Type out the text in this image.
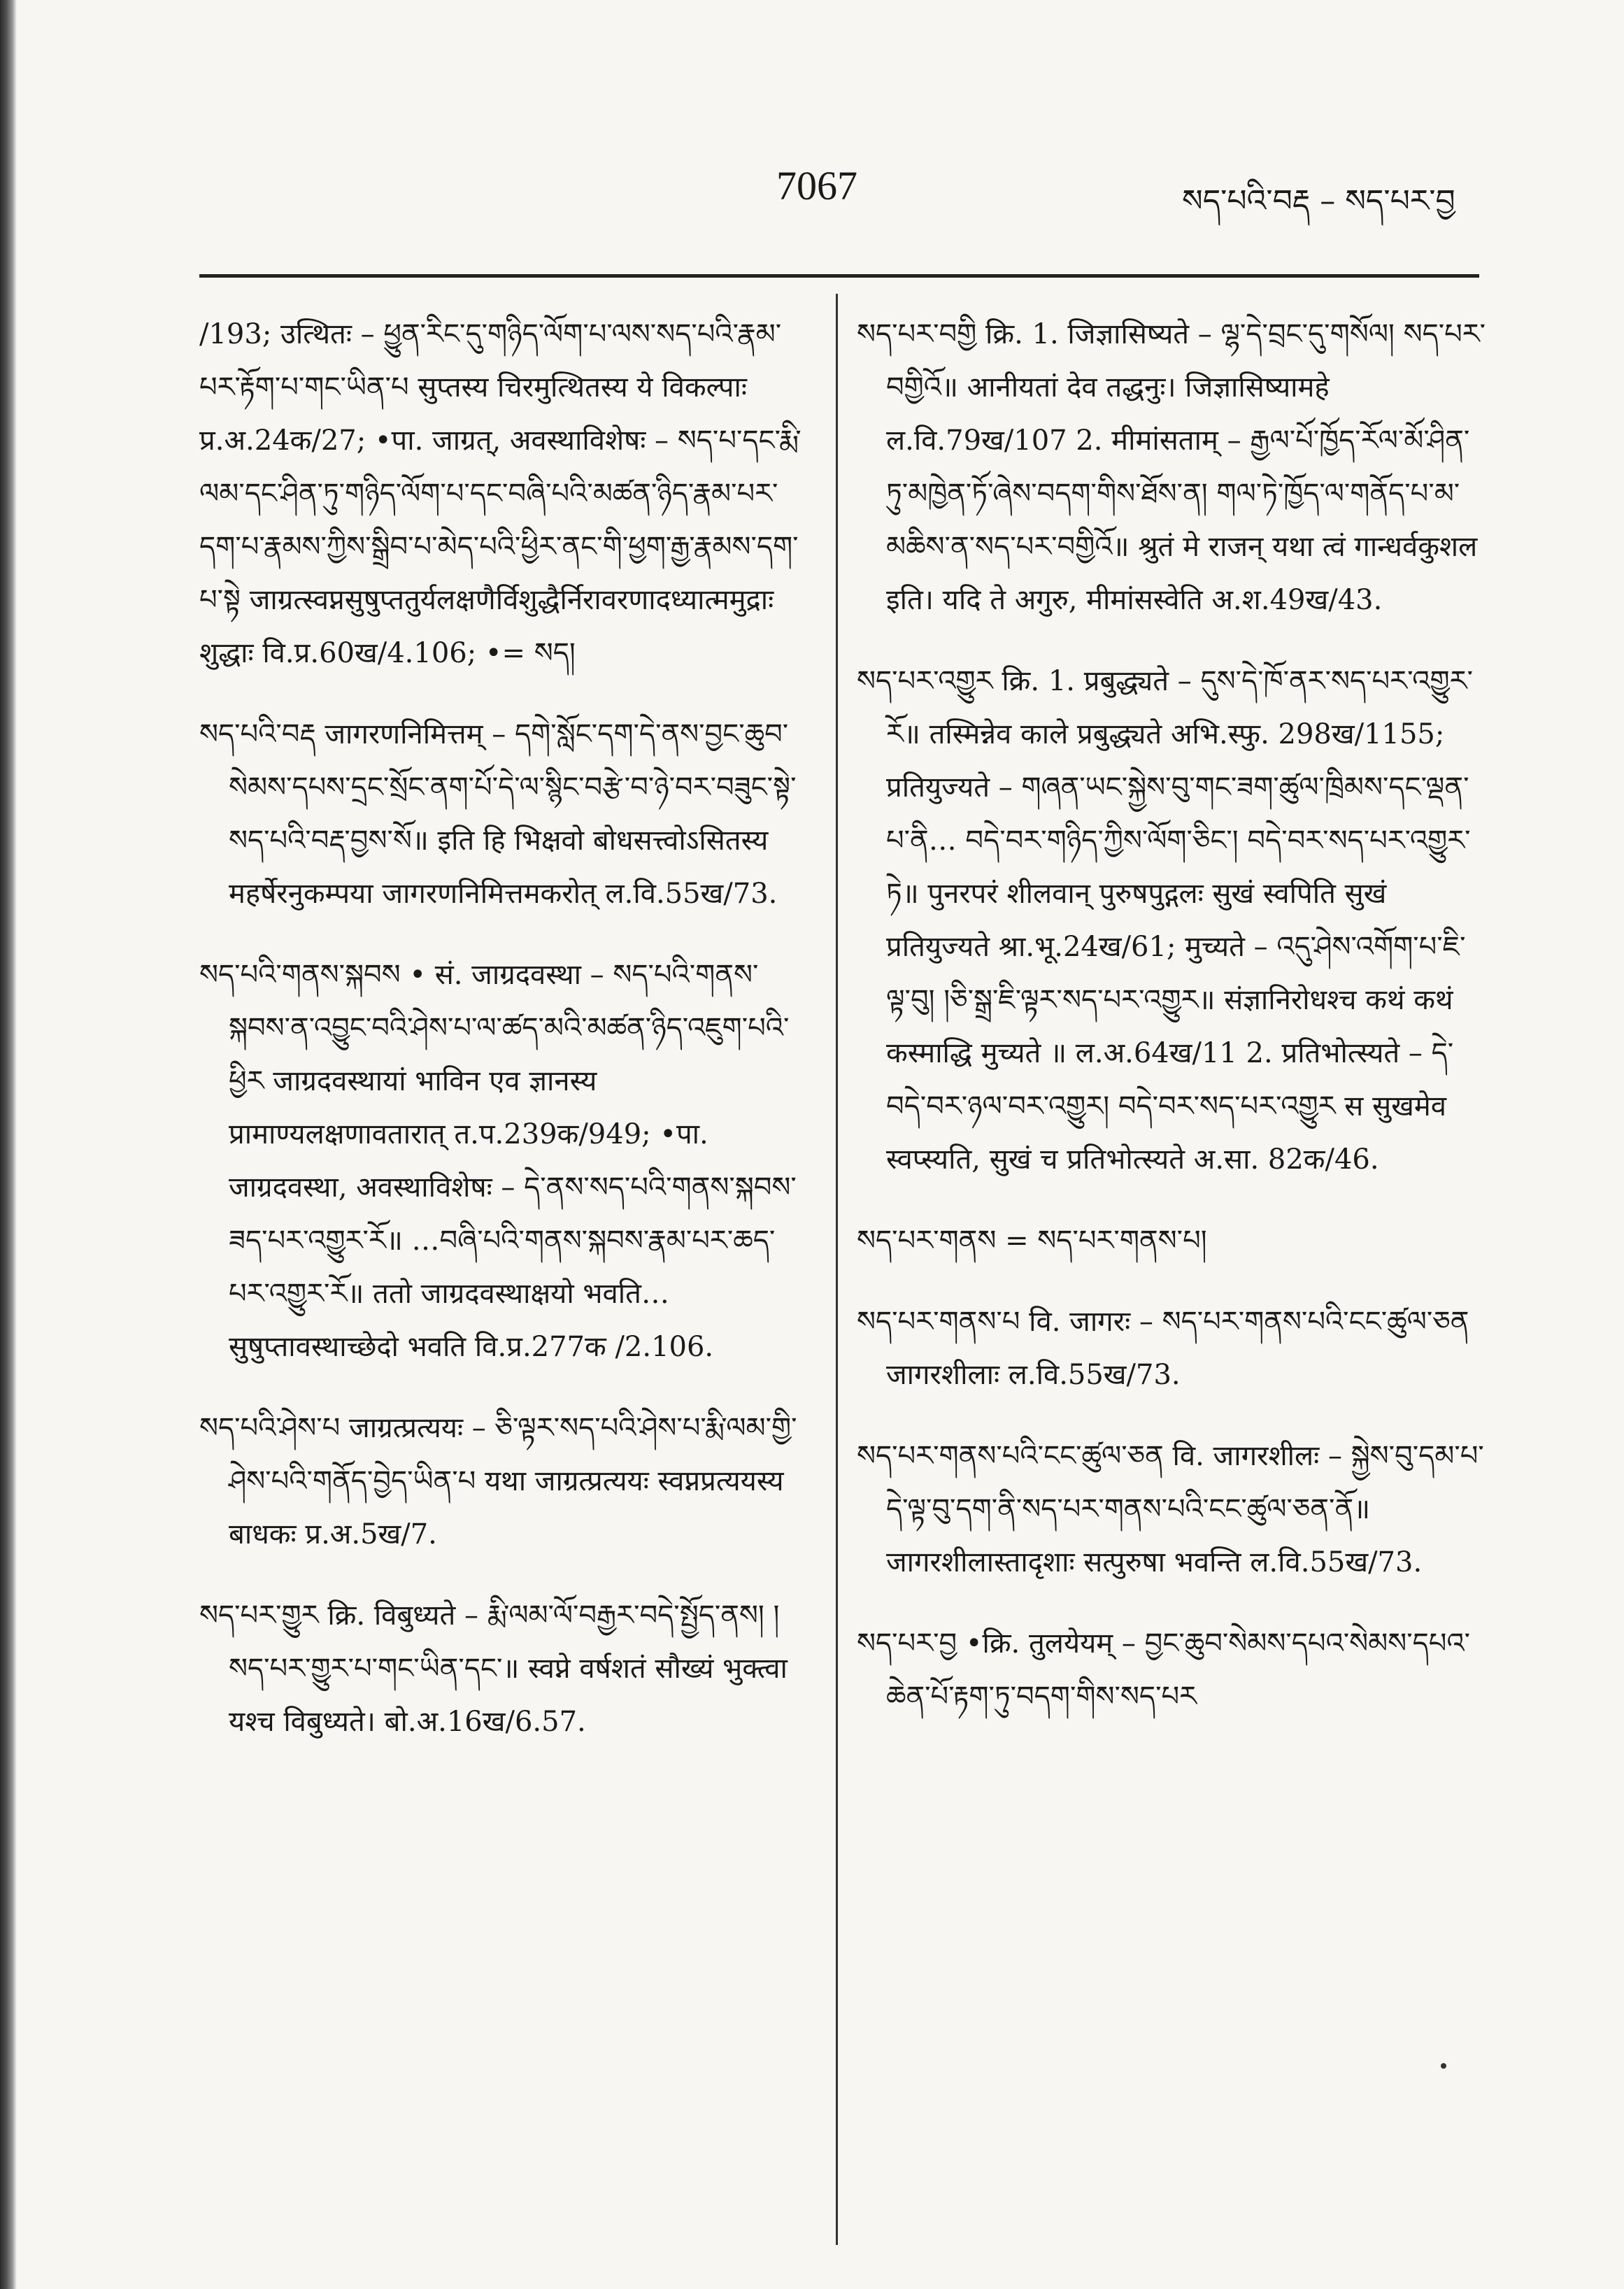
7067	སད་པའི་བརྡ – སད་པར་བྱ

/193; उत्थितः – ཕྱུན་རིང་དུ་གཉིད་ལོག་པ་ལས་སད་པའི་རྣམ་པར་རྟོག་པ་གང་ཡིན་པ सुप्तस्य चिरमुत्थितस्य ये विकल्पाः प्र.अ.24क/27; •पा. जाग्रत्, अवस्थाविशेषः – སད་པ་དང་རྨི་ལམ་དང་ཤིན་ཏུ་གཉིད་ལོག་པ་དང་བཞི་པའི་མཚན་ཉིད་རྣམ་པར་དག་པ་རྣམས་ཀྱིས་སྒྲིབ་པ་མེད་པའི་ཕྱིར་ནང་གི་ཕྱག་རྒྱ་རྣམས་དག་པ་སྟེ जाग्रत्स्वप्नसुषुप्ततुर्यलक्षणैर्विशुद्धैर्निरावरणादध्यात्ममुद्राः शुद्धाः वि.प्र.60ख/4.106; •= སད།

སད་པའི་བརྡ जागरणनिमित्तम् – དགེ་སློང་དག་དེ་ནས་བྱང་ཆུབ་སེམས་དཔས་དྲང་སྲོང་ནག་པོ་དེ་ལ་སྙིང་བརྩེ་བ་ཉེ་བར་བཟུང་སྟེ་སད་པའི་བརྡ་བྱས་སོ॥ इति हि भिक्षवो बोधसत्त्वोऽसितस्य महर्षेरनुकम्पया जागरणनिमित्तमकरोत् ल.वि.55ख/73.

སད་པའི་གནས་སྐབས • सं. जाग्रदवस्था – སད་པའི་གནས་སྐབས་ན་འབྱུང་བའི་ཤེས་པ་ལ་ཚད་མའི་མཚན་ཉིད་འཇུག་པའི་ཕྱིར जाग्रदवस्थायां भाविन एव ज्ञानस्य प्रामाण्यलक्षणावतारात् त.प.239क/949; •पा. जाग्रदवस्था, अवस्थाविशेषः – དེ་ནས་སད་པའི་གནས་སྐབས་ཟད་པར་འགྱུར་རོ॥ …བཞི་པའི་གནས་སྐབས་རྣམ་པར་ཆད་པར་འགྱུར་རོ॥ ततो जाग्रदवस्थाक्षयो भवति…सुषुप्तावस्थाच्छेदो भवति वि.प्र.277क /2.106.

སད་པའི་ཤེས་པ जाग्रत्प्रत्ययः – ཅི་ལྟར་སད་པའི་ཤེས་པ་རྨི་ལམ་གྱི་ཤེས་པའི་གནོད་བྱེད་ཡིན་པ यथा जाग्रत्प्रत्ययः स्वप्नप्रत्ययस्य बाधकः प्र.अ.5ख/7.

སད་པར་གྱུར क्रि. विबुध्यते – རྨི་ལམ་ལོ་བརྒྱར་བདེ་སྤྱོད་ནས། །སད་པར་གྱུར་པ་གང་ཡིན་དང་॥ स्वप्ने वर्षशतं सौख्यं भुक्त्वा यश्च विबुध्यते। बो.अ.16ख/6.57.

སད་པར་བགྱི क्रि. 1. जिज्ञासिष्यते – ལྷ་དེ་བྲང་དུ་གསོལ། སད་པར་བགྱིའོ॥ आनीयतां देव तद्धनुः। जिज्ञासिष्यामहे ल.वि.79ख/107 2. मीमांसताम् – རྒྱལ་པོ་ཁྱོད་རོལ་མོ་ཤིན་ཏུ་མཁྱེན་ཏོ་ཞེས་བདག་གིས་ཐོས་ན། གལ་ཏེ་ཁྱོད་ལ་གནོད་པ་མ་མཆིས་ན་སད་པར་བགྱིའོ॥ श्रुतं मे राजन् यथा त्वं गान्धर्वकुशल इति। यदि ते अगुरु, मीमांसस्वेति अ.श.49ख/43.

སད་པར་འགྱུར क्रि. 1. प्रबुद्ध्यते – དུས་དེ་ཁོ་ནར་སད་པར་འགྱུར་རོ॥ तस्मिन्नेव काले प्रबुद्ध्यते अभि.स्फु. 298ख/1155; प्रतियुज्यते – གཞན་ཡང་སྐྱེས་བུ་གང་ཟག་ཚུལ་ཁྲིམས་དང་ལྡན་པ་ནི… བདེ་བར་གཉིད་ཀྱིས་ལོག་ཅིང་། བདེ་བར་སད་པར་འགྱུར་ཏེ॥ पुनरपरं शीलवान् पुरुषपुद्गलः सुखं स्वपिति सुखं प्रतियुज्यते श्रा.भू.24ख/61; मुच्यते – འདུ་ཤེས་འགོག་པ་ཇི་ལྟ་བུ། །ཅི་སྒྲ་ཇི་ལྟར་སད་པར་འགྱུར॥ संज्ञानिरोधश्च कथं कथं कस्माद्धि मुच्यते ॥ ल.अ.64ख/11 2. प्रतिभोत्स्यते – དེ་བདེ་བར་ཉལ་བར་འགྱུར། བདེ་བར་སད་པར་འགྱུར स सुखमेव स्वप्स्यति, सुखं च प्रतिभोत्स्यते अ.सा. 82क/46.

སད་པར་གནས = སད་པར་གནས་པ།

སད་པར་གནས་པ वि. जागरः – སད་པར་གནས་པའི་ངང་ཚུལ་ཅན जागरशीलाः ल.वि.55ख/73.

སད་པར་གནས་པའི་ངང་ཚུལ་ཅན वि. जागरशीलः – སྐྱེས་བུ་དམ་པ་དེ་ལྟ་བུ་དག་ནི་སད་པར་གནས་པའི་ངང་ཚུལ་ཅན་ནོ॥ जागरशीलास्तादृशाः सत्पुरुषा भवन्ति ल.वि.55ख/73.

སད་པར་བྱ •क्रि. तुलयेयम् – བྱང་ཆུབ་སེམས་དཔའ་སེམས་དཔའ་ཆེན་པོ་རྟག་ཏུ་བདག་གིས་སད་པར
